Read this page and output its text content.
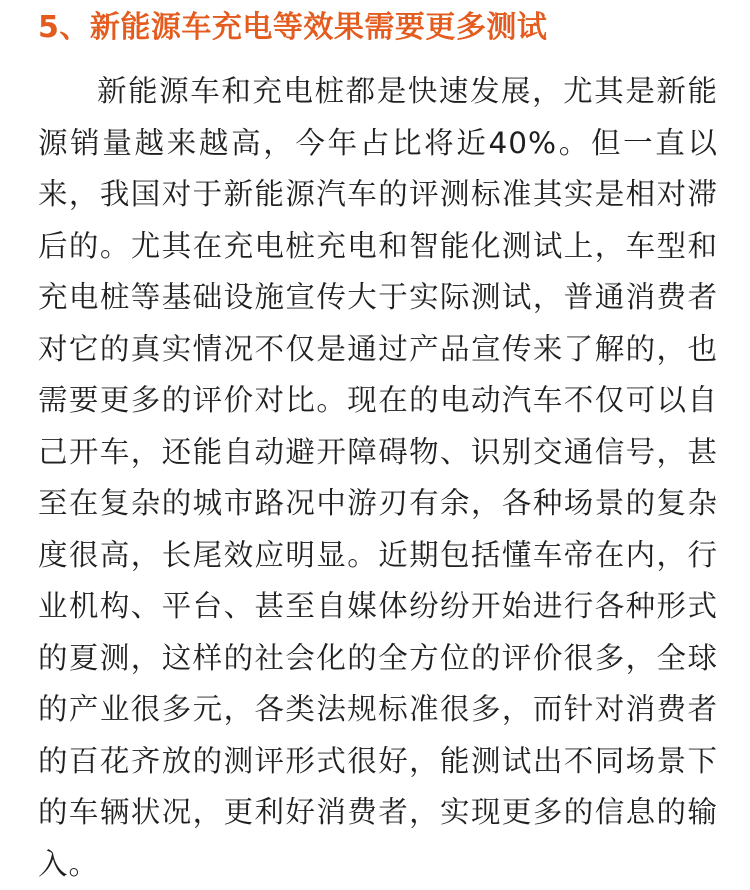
5、新能源车充电等效果需要更多测试

新能源车和充电桩都是快速发展，尤其是新能源销量越来越高，今年占比将近40%。但一直以来，我国对于新能源汽车的评测标准其实是相对滞后的。尤其在充电桩充电和智能化测试上，车型和充电桩等基础设施宣传大于实际测试，普通消费者对它的真实情况不仅是通过产品宣传来了解的，也需要更多的评价对比。现在的电动汽车不仅可以自己开车，还能自动避开障碍物、识别交通信号，甚至在复杂的城市路况中游刃有余，各种场景的复杂度很高，长尾效应明显。近期包括懂车帝在内，行业机构、平台、甚至自媒体纷纷开始进行各种形式的夏测，这样的社会化的全方位的评价很多，全球的产业很多元，各类法规标准很多，而针对消费者的百花齐放的测评形式很好，能测试出不同场景下的车辆状况，更利好消费者，实现更多的信息的输入。
